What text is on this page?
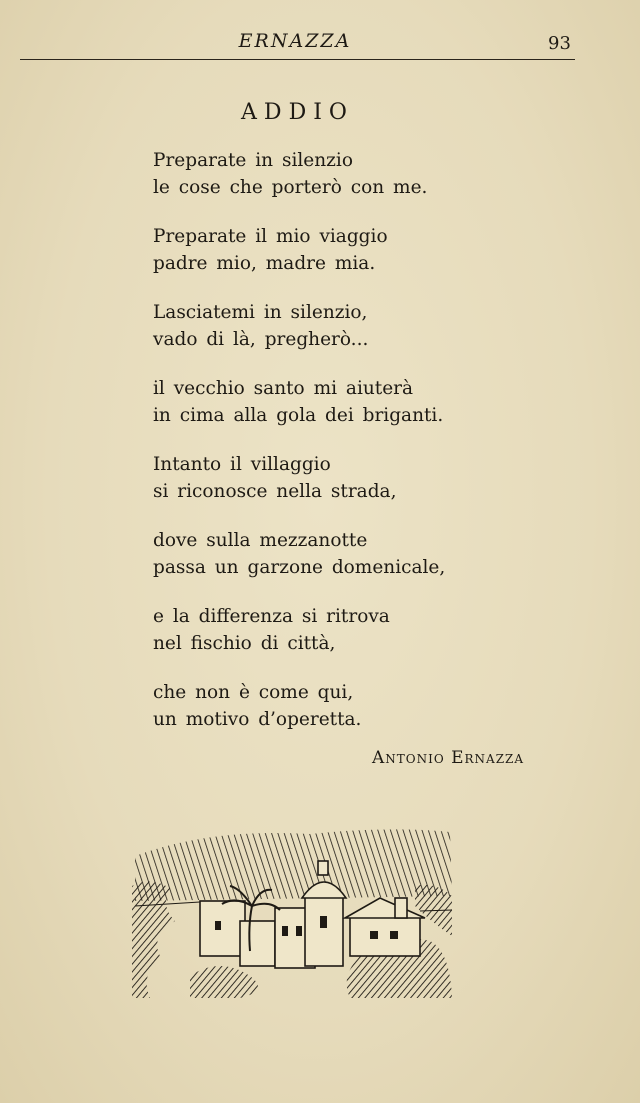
ERNAZZA	93
ADDIO
Preparate in silenzio
le cose che porterò con me.
Preparate il mio viaggio
padre mio, madre mia.
Lasciatemi in silenzio,
vado di là, pregherò...
il vecchio santo mi aiuterà
in cima alla gola dei briganti.
Intanto il villaggio
si riconosce nella strada,
dove sulla mezzanotte
passa un garzone domenicale,
e la differenza si ritrova
nel fischio di città,
che non è come qui,
un motivo d’operetta.
Antonio Ernazza
